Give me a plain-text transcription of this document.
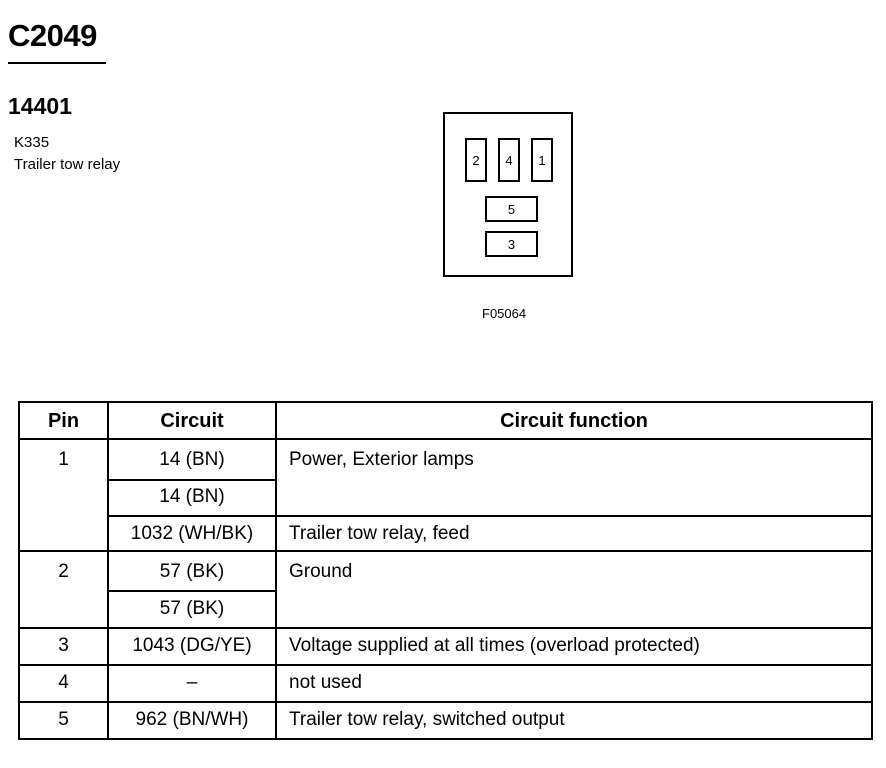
C2049
14401
K335
Trailer tow relay	2	4	1
5
3
F05064
Pin	Circuit	Circuit function
1	14 (BN)	Power, Exterior lamps
14 (BN)
1032 (WH/BK)	Trailer tow relay, feed
2	57 (BK)	Ground
57 (BK)
3	1043 (DG/YE)	Voltage supplied at all times (overload protected)
4	–	not used
5	962 (BN/WH)	Trailer tow relay, switched output
